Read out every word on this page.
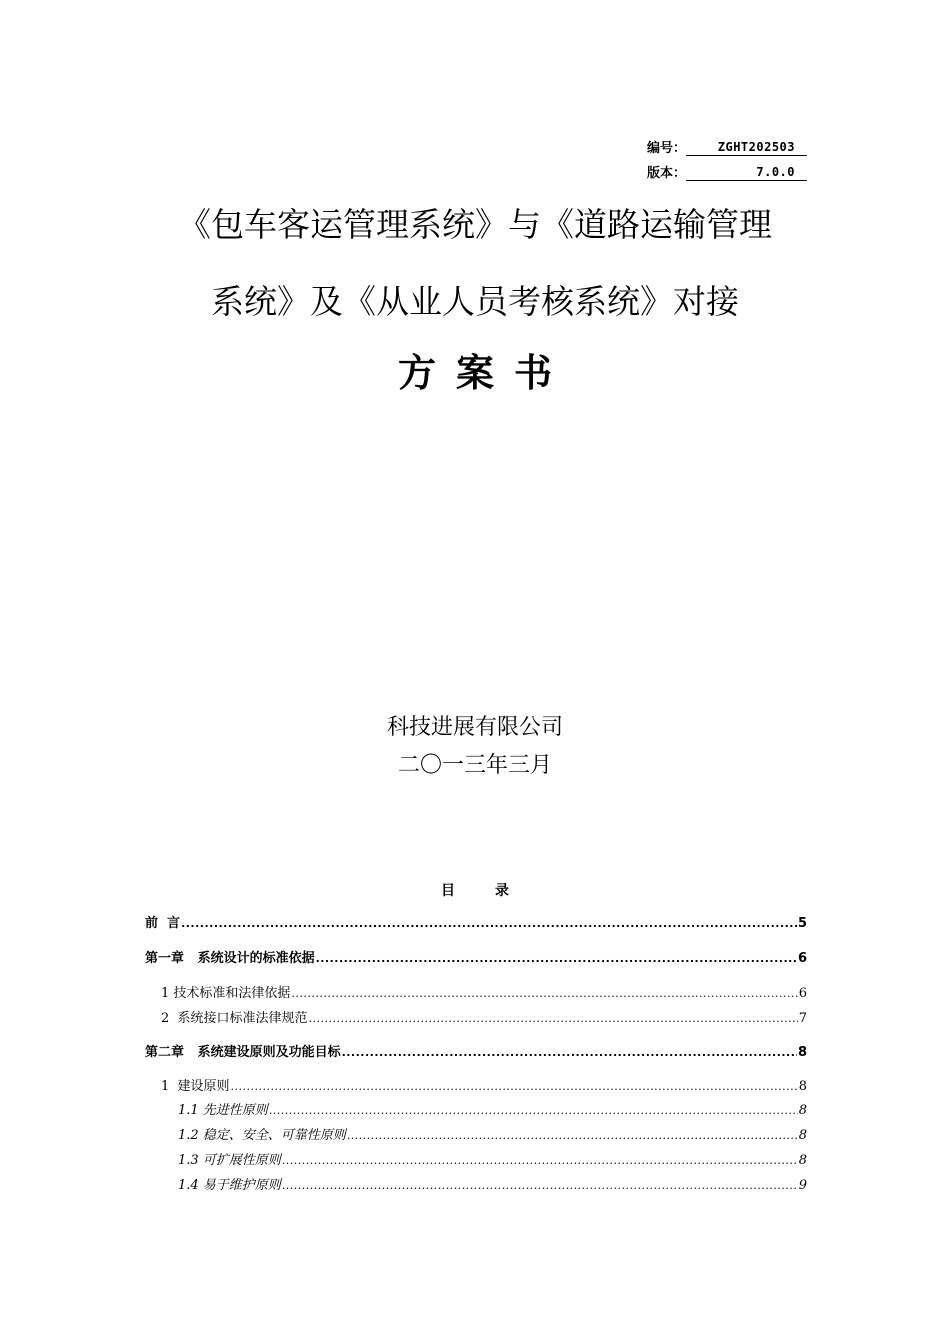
编号：	ZGHT202503
版本：	7.0.0
《包车客运管理系统》与《道路运输管理
系统》及《从业人员考核系统》对接
方案书
科技进展有限公司
二〇一三年三月
目录
前  言 .....	5
第一章   系统设计的标准依据 .....	6
1 技术标准和法律依据 .....	6
2  系统接口标准法律规范 .....	7
第二章   系统建设原则及功能目标 .....	8
1  建设原则 .....	8
1.1 先进性原则 .....	8
1.2 稳定、安全、可靠性原则 .....	8
1.3 可扩展性原则 .....	8
1.4 易于维护原则 .....	9
